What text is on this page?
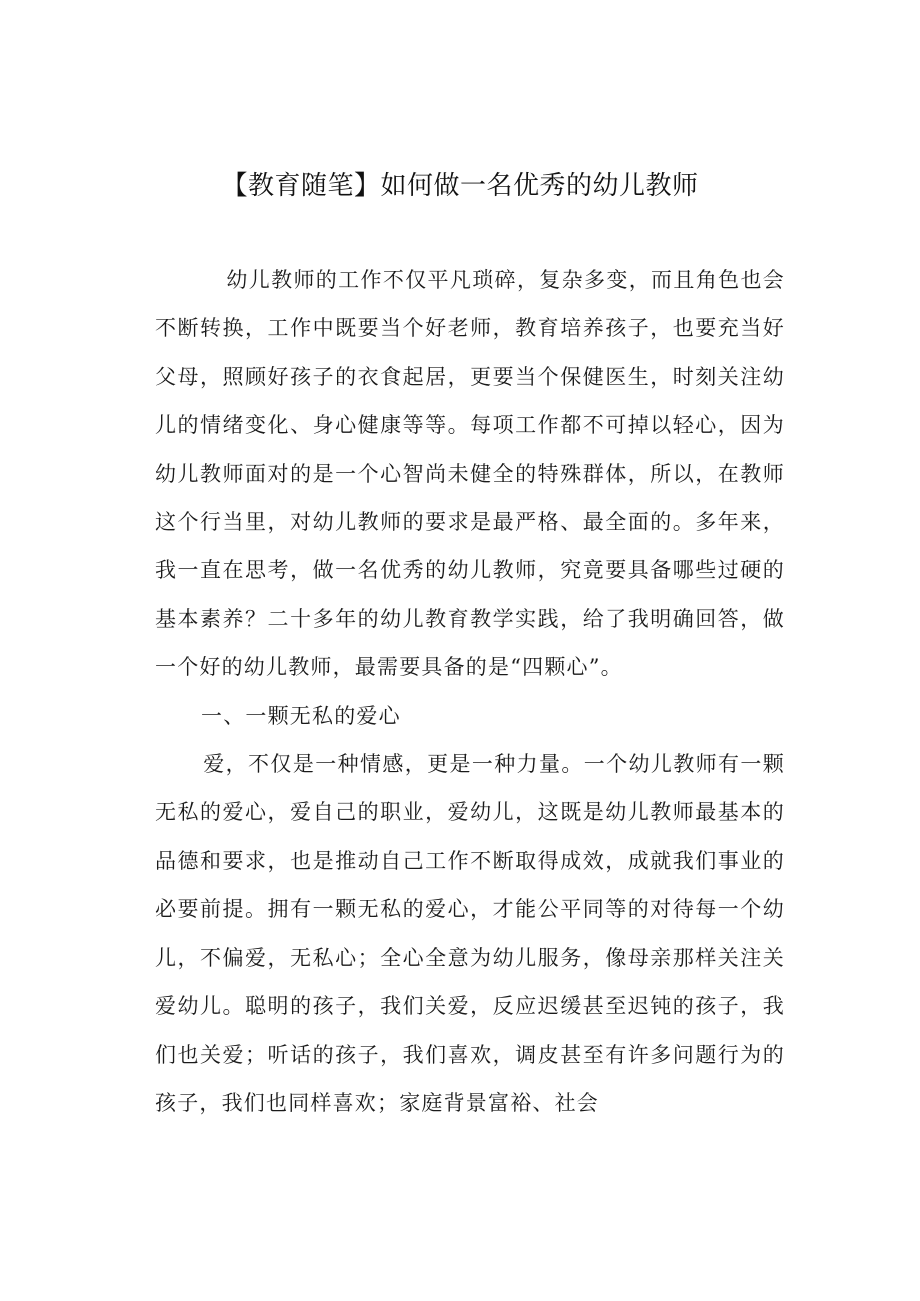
【教育随笔】如何做一名优秀的幼儿教师

幼儿教师的工作不仅平凡琐碎，复杂多变，而且角色也会不断转换，工作中既要当个好老师，教育培养孩子，也要充当好父母，照顾好孩子的衣食起居，更要当个保健医生，时刻关注幼儿的情绪变化、身心健康等等。每项工作都不可掉以轻心，因为幼儿教师面对的是一个心智尚未健全的特殊群体，所以，在教师这个行当里，对幼儿教师的要求是最严格、最全面的。多年来，我一直在思考，做一名优秀的幼儿教师，究竟要具备哪些过硬的基本素养？二十多年的幼儿教育教学实践，给了我明确回答，做一个好的幼儿教师，最需要具备的是“四颗心”。

一、一颗无私的爱心

爱，不仅是一种情感，更是一种力量。一个幼儿教师有一颗无私的爱心，爱自己的职业，爱幼儿，这既是幼儿教师最基本的品德和要求，也是推动自己工作不断取得成效，成就我们事业的必要前提。拥有一颗无私的爱心，才能公平同等的对待每一个幼儿，不偏爱，无私心；全心全意为幼儿服务，像母亲那样关注关爱幼儿。聪明的孩子，我们关爱，反应迟缓甚至迟钝的孩子，我们也关爱；听话的孩子，我们喜欢，调皮甚至有许多问题行为的孩子，我们也同样喜欢；家庭背景富裕、社会
